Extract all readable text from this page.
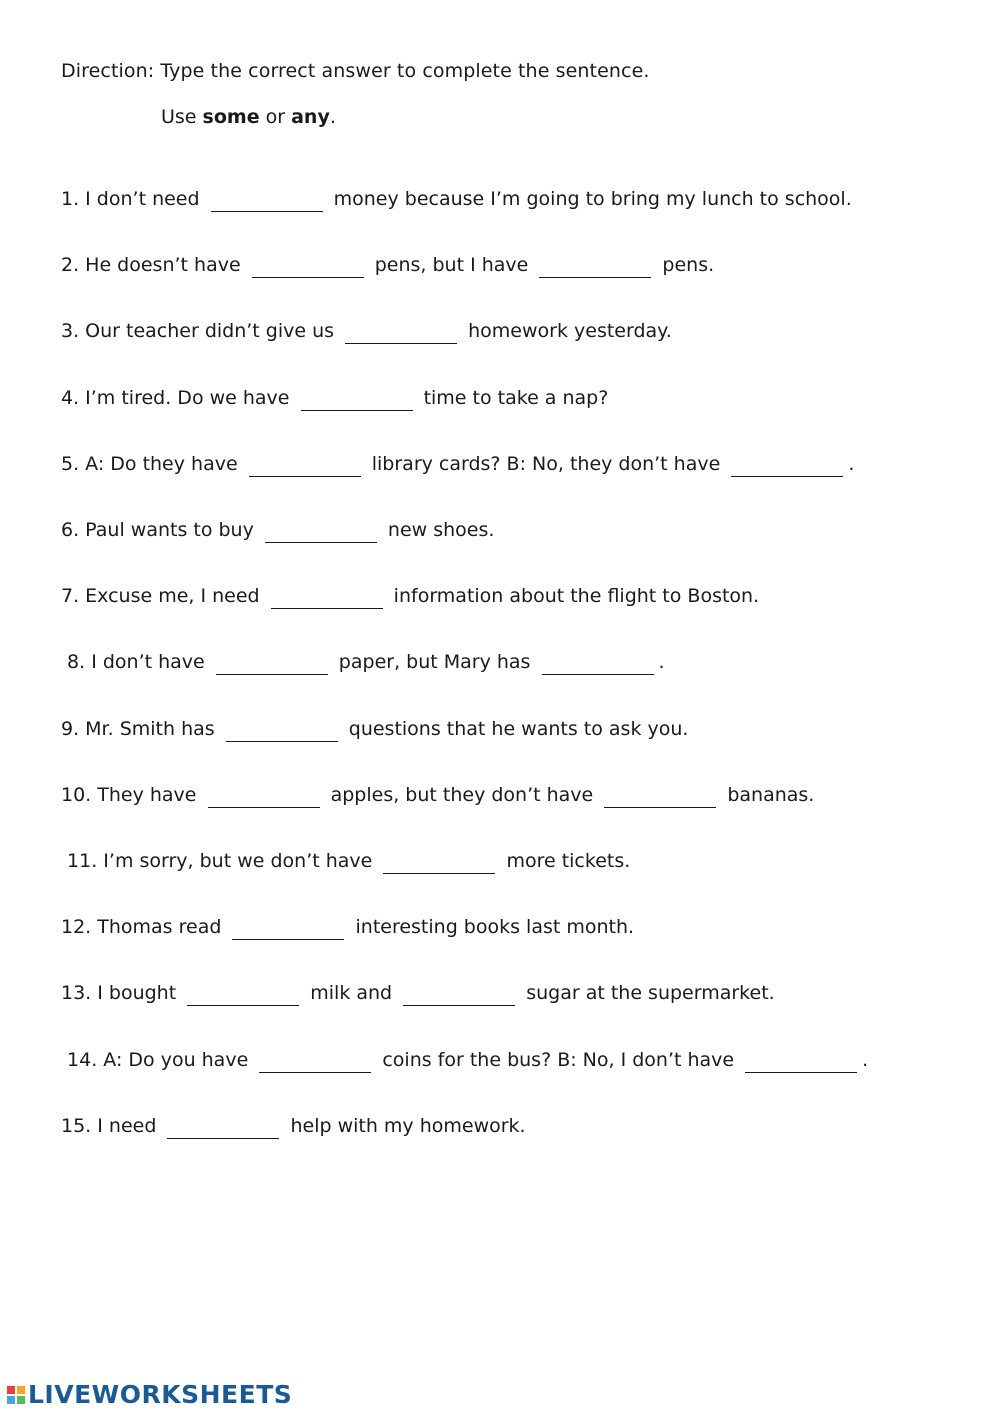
Direction: Type the correct answer to complete the sentence.
Use some or any.
1. I don’t need	money because I’m going to bring my lunch to school.
2. He doesn’t have	pens, but I have	pens.
3. Our teacher didn’t give us	homework yesterday.
4. I’m tired. Do we have	time to take a nap?
5. A: Do they have	library cards? B: No, they don’t have	.
6. Paul wants to buy	new shoes.
7. Excuse me, I need	information about the flight to Boston.
8. I don’t have	paper, but Mary has	.
9. Mr. Smith has	questions that he wants to ask you.
10. They have	apples, but they don’t have	bananas.
11. I’m sorry, but we don’t have	more tickets.
12. Thomas read	interesting books last month.
13. I bought	milk and	sugar at the supermarket.
14. A: Do you have	coins for the bus? B: No, I don’t have	.
15. I need	help with my homework.
LIVEWORKSHEETS
